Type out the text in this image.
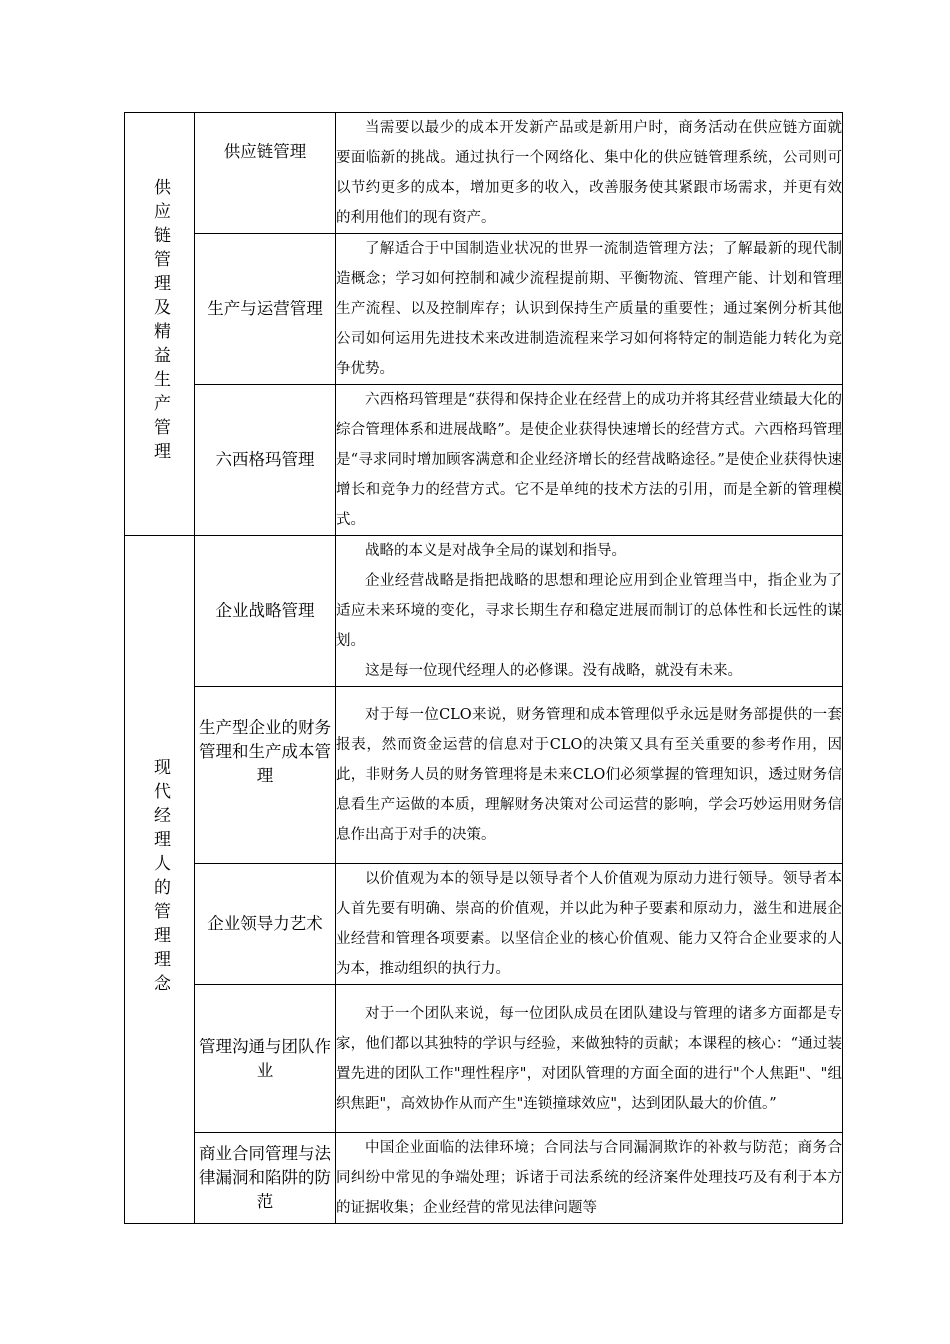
供应链管理及精益生产管理	供应链管理	当需要以最少的成本开发新产品或是新用户时，商务活动在供应链方面就要面临新的挑战。通过执行一个网络化、集中化的供应链管理系统，公司则可以节约更多的成本，增加更多的收入，改善服务使其紧跟市场需求，并更有效的利用他们的现有资产。

	生产与运营管理	了解适合于中国制造业状况的世界一流制造管理方法；了解最新的现代制造概念；学习如何控制和减少流程提前期、平衡物流、管理产能、计划和管理生产流程、以及控制库存；认识到保持生产质量的重要性；通过案例分析其他公司如何运用先进技术来改进制造流程来学习如何将特定的制造能力转化为竞争优势。

	六西格玛管理	六西格玛管理是“获得和保持企业在经营上的成功并将其经营业绩最大化的综合管理体系和进展战略”。是使企业获得快速增长的经营方式。六西格玛管理是“寻求同时增加顾客满意和企业经济增长的经营战略途径。”是使企业获得快速增长和竞争力的经营方式。它不是单纯的技术方法的引用，而是全新的管理模式。

现代经理人的管理理念	企业战略管理	战略的本义是对战争全局的谋划和指导。

企业经营战略是指把战略的思想和理论应用到企业管理当中，指企业为了适应未来环境的变化，寻求长期生存和稳定进展而制订的总体性和长远性的谋划。

这是每一位现代经理人的必修课。没有战略，就没有未来。

	生产型企业的财务管理和生产成本管理	对于每一位CLO来说，财务管理和成本管理似乎永远是财务部提供的一套报表，然而资金运营的信息对于CLO的决策又具有至关重要的参考作用，因此，非财务人员的财务管理将是未来CLO们必须掌握的管理知识，透过财务信息看生产运做的本质，理解财务决策对公司运营的影响，学会巧妙运用财务信息作出高于对手的决策。

	企业领导力艺术	以价值观为本的领导是以领导者个人价值观为原动力进行领导。领导者本人首先要有明确、崇高的价值观，并以此为种子要素和原动力，滋生和进展企业经营和管理各项要素。以坚信企业的核心价值观、能力又符合企业要求的人为本，推动组织的执行力。

	管理沟通与团队作业	对于一个团队来说，每一位团队成员在团队建设与管理的诸多方面都是专家，他们都以其独特的学识与经验，来做独特的贡献；本课程的核心：“通过装置先进的团队工作"理性程序"，对团队管理的方面全面的进行"个人焦距"、"组织焦距"，高效协作从而产生"连锁撞球效应"，达到团队最大的价值。”

	商业合同管理与法律漏洞和陷阱的防范	中国企业面临的法律环境；合同法与合同漏洞欺诈的补救与防范；商务合同纠纷中常见的争端处理；诉诸于司法系统的经济案件处理技巧及有利于本方的证据收集；企业经营的常见法律问题等
